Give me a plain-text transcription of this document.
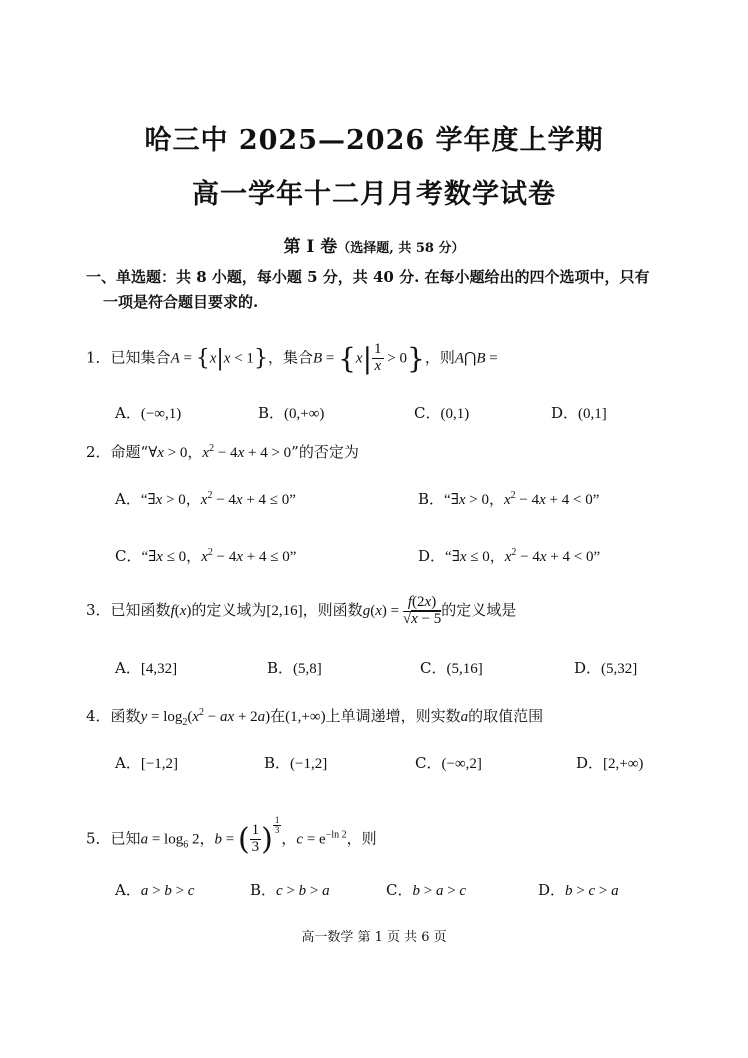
哈三中 2025—2026 学年度上学期
高一学年十二月月考数学试卷
第 Ⅰ 卷（选择题, 共 58 分）
一、单选题：共 8 小题，每小题 5 分，共 40 分. 在每小题给出的四个选项中，只有
一项是符合题目要求的.
1．已知集合A = {x|x < 1}，集合$B = \{x| \frac{1}{x} > 0\}$，则A⋂B =
A．(−∞,1)	B．(0,+∞)	C．(0,1)	D．(0,1]
2．命题“∀x > 0，$x^2 - 4x + 4 > 0$”的否定为
A．“∃x > 0，$x^2 - 4x + 4 \le 0$”	B．“∃x > 0，$x^2 - 4x + 4 < 0$”
C．“∃x ≤ 0，$x^2 - 4x + 4 \le 0$”	D．“∃x ≤ 0，$x^2 - 4x + 4 < 0$”
3．已知函数f(x)的定义域为[2,16]，则函数$g(x) = \frac{f(2x)}{√x - 5}$ 的定义域是
A．[4,32]	B．(5,8]	C．(5,16]	D．(5,32]
4．函数$y = \log_2(x^2$ − ax + 2a)在(1,+∞)上单调递增，则实数a的取值范围
A．[−1,2]	B．(−1,2]	C．(−∞,2]	D．[2,+∞)
5．已知$a = \log_6 2$，b = ( $\frac{1}{3}$ ) $^{\frac{1}{3}}$
，$c = e^{-ln 2}$，则
A．a > b > c	B．c > b > a	C．b > a > c	D．b > c > a
高一数学 第 1 页 共 6 页
